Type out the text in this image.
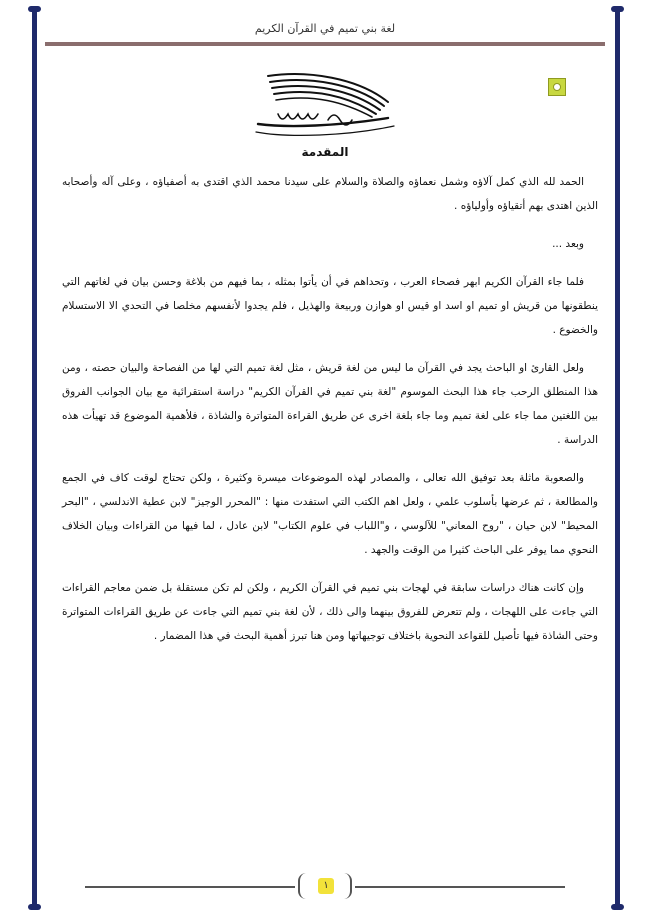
لغة بني تميم في القرآن الكريم
المقدمة

الحمد لله الذي كمل آلاؤه وشمل نعماؤه والصلاة والسلام على سيدنا محمد الذي اقتدى به أصفياؤه ، وعلى آله وأصحابه الذين اهتدى بهم أتقياؤه وأولياؤه .

وبعد ...

فلما جاء القرآن الكريم ابهر فصحاء العرب ، وتحداهم في أن يأتوا بمثله ، بما فيهم من بلاغة وحسن بيان في لغاتهم التي ينطقونها من قريش او تميم او اسد او قيس او هوازن وربيعة والهذيل ، فلم يجدوا لأنفسهم مخلصا في التحدي الا الاستسلام والخضوع .

ولعل القارئ او الباحث يجد في القرآن ما ليس من لغة قريش ، مثل لغة تميم التي لها من الفصاحة والبيان حصته ، ومن هذا المنطلق الرحب جاء هذا البحث الموسوم "لغة بني تميم في القرآن الكريم" دراسة استقرائية مع بيان الجوانب الفروق بين اللغتين مما جاء على لغة تميم وما جاء بلغة اخرى عن طريق القراءة المتواترة والشاذة ، فلأهمية الموضوع قد تهيأت هذه الدراسة .

والصعوبة ماثلة بعد توفيق الله تعالى ، والمصادر لهذه الموضوعات ميسرة وكثيرة ، ولكن تحتاج لوقت كاف في الجمع والمطالعة ، ثم عرضها بأسلوب علمي ، ولعل اهم الكتب التي استفدت منها : "المحرر الوجيز" لابن عطية الاندلسي ، "البحر المحيط" لابن حيان ، "روح المعاني" للآلوسي ، و"اللباب في علوم الكتاب" لابن عادل ، لما فيها من القراءات وبيان الخلاف النحوي مما يوفر على الباحث كثيرا من الوقت والجهد .

وإن كانت هناك دراسات سابقة في لهجات بني تميم في القرآن الكريم ، ولكن لم تكن مستقلة بل ضمن معاجم القراءات التي جاءت على اللهجات ، ولم تتعرض للفروق بينهما والى ذلك ، لأن لغة بني تميم التي جاءت عن طريق القراءات المتواترة وحتى الشاذة فيها تأصيل للقواعد النحوية باختلاف توجيهاتها ومن هنا تبرز أهمية البحث في هذا المضمار .

١
